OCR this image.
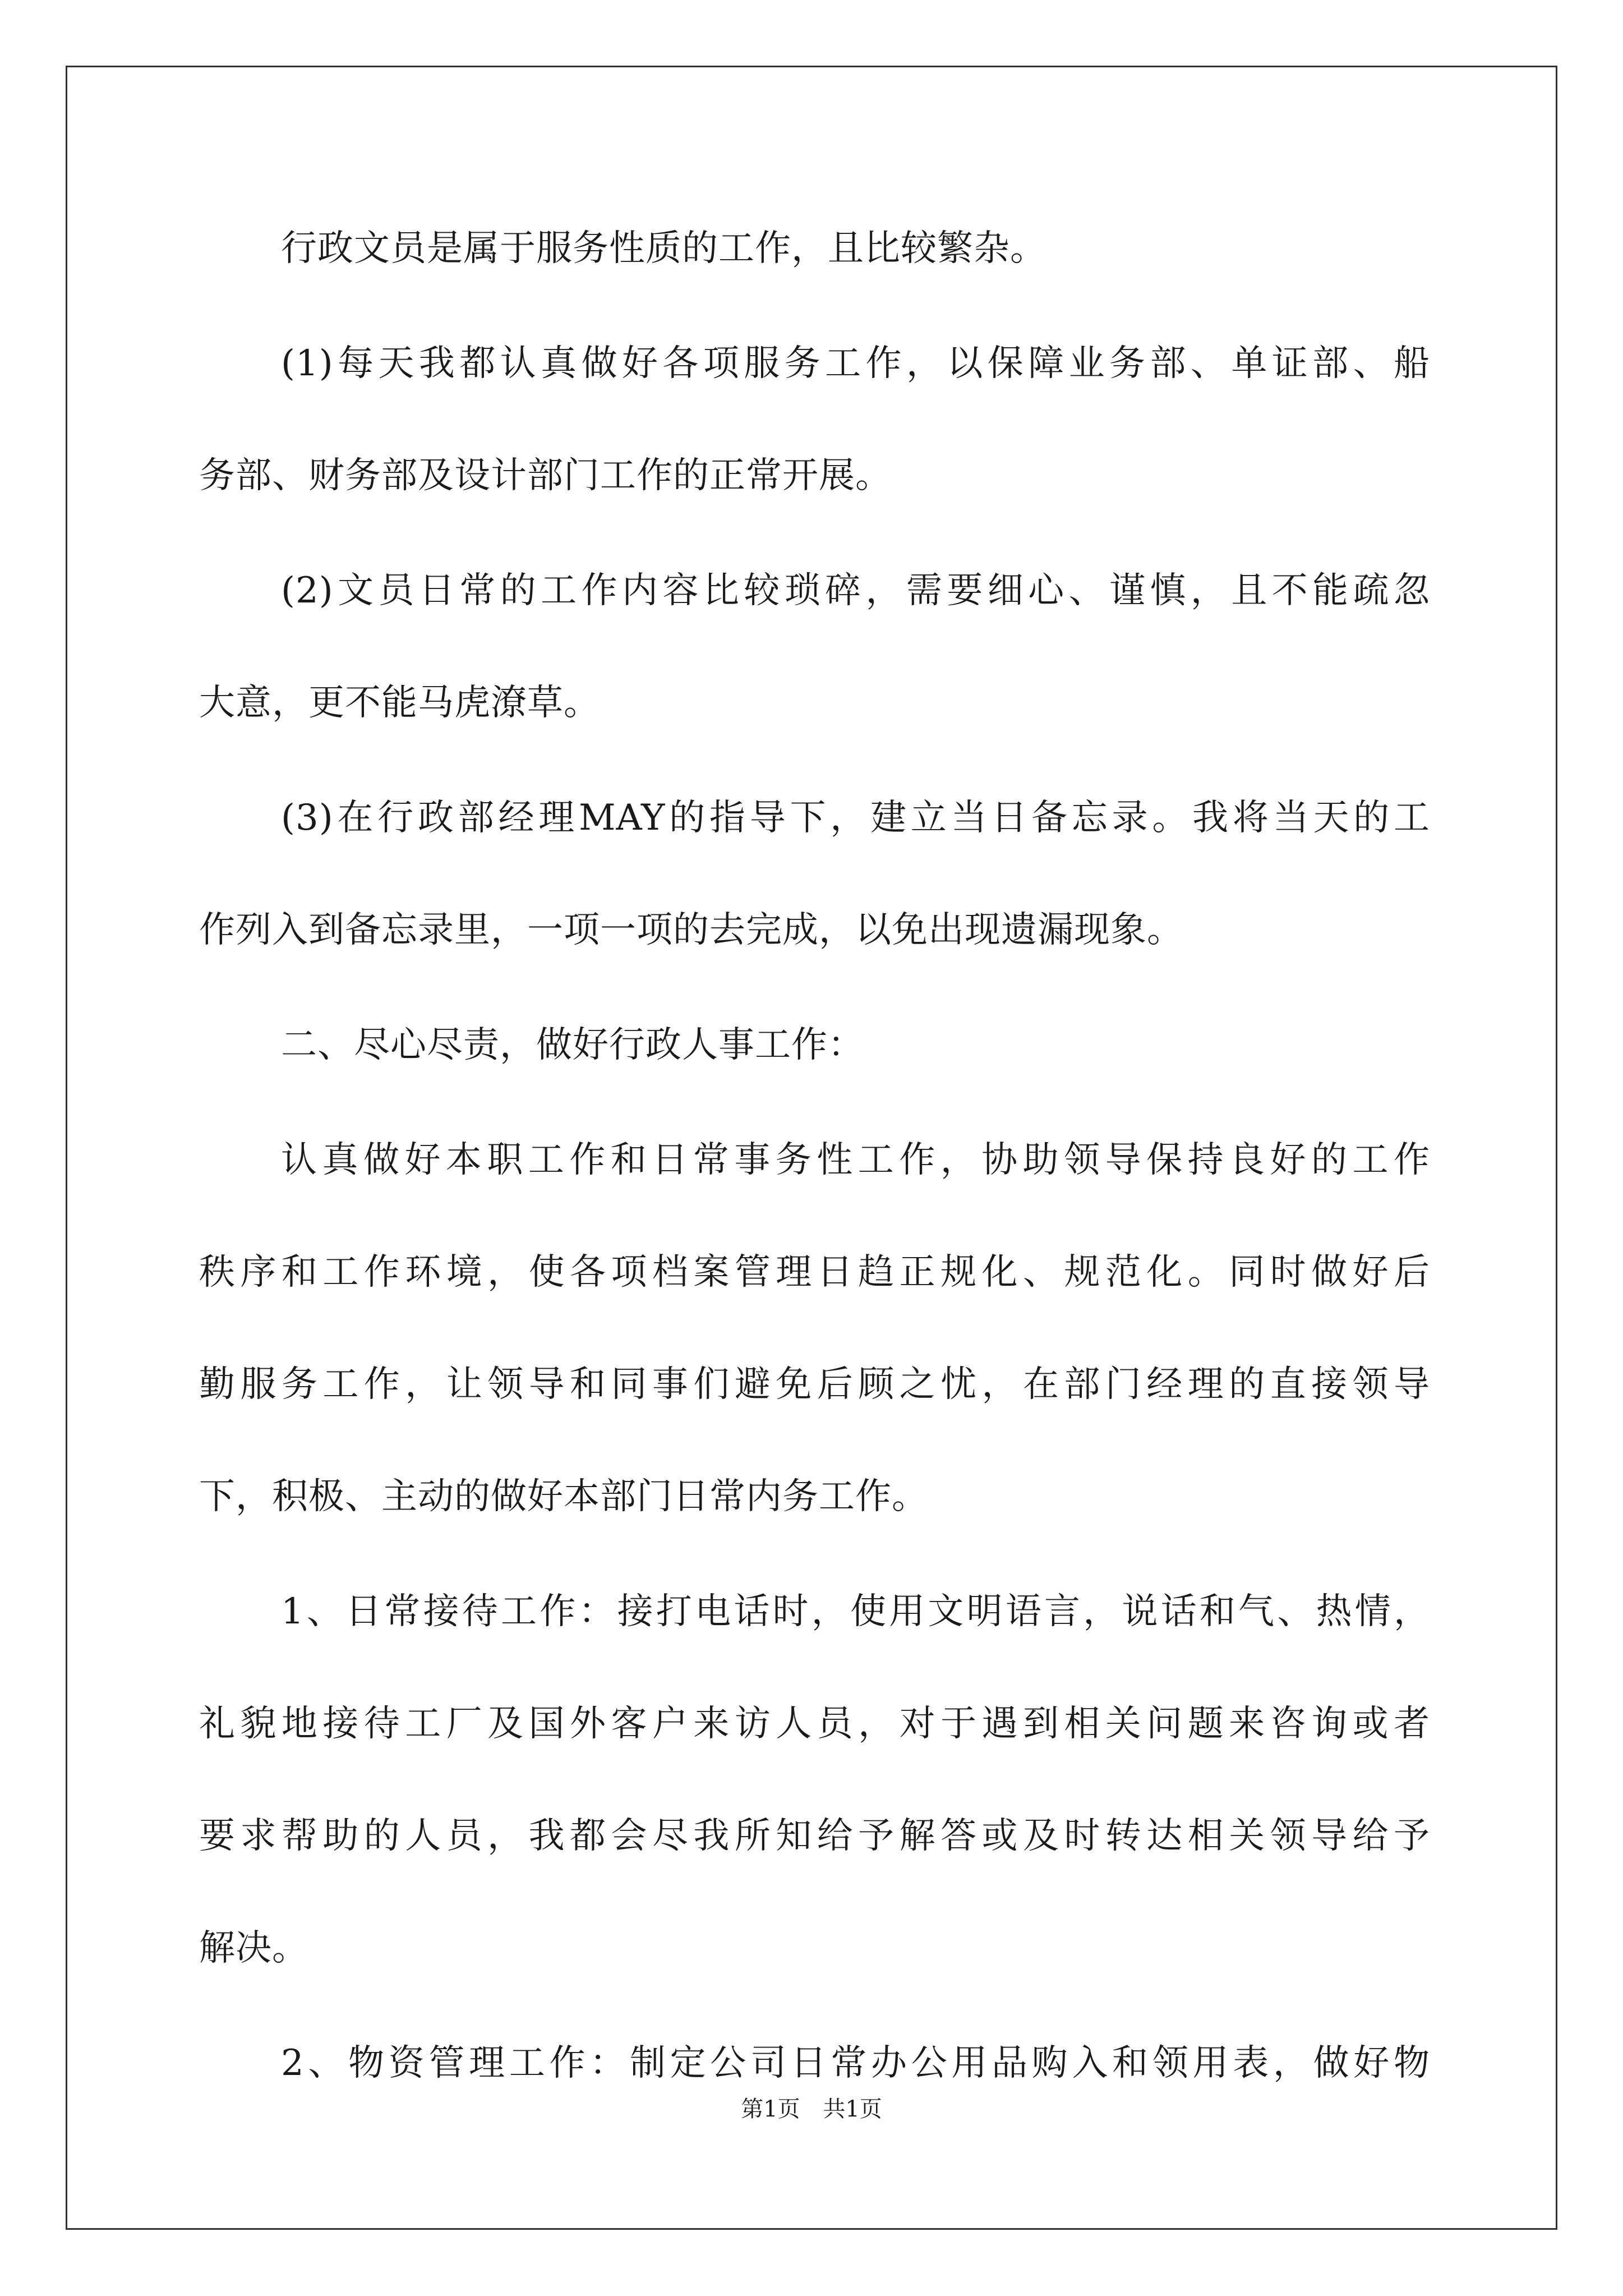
行政文员是属于服务性质的工作，且比较繁杂。
(1)每天我都认真做好各项服务工作，以保障业务部、单证部、船
务部、财务部及设计部门工作的正常开展。
(2)文员日常的工作内容比较琐碎，需要细心、谨慎，且不能疏忽
大意，更不能马虎潦草。
(3)在行政部经理MAY的指导下，建立当日备忘录。我将当天的工
作列入到备忘录里，一项一项的去完成，以免出现遗漏现象。
二、尽心尽责，做好行政人事工作：
认真做好本职工作和日常事务性工作，协助领导保持良好的工作
秩序和工作环境，使各项档案管理日趋正规化、规范化。同时做好后
勤服务工作，让领导和同事们避免后顾之忧，在部门经理的直接领导
下，积极、主动的做好本部门日常内务工作。
1、日常接待工作：接打电话时，使用文明语言，说话和气、热情，
礼貌地接待工厂及国外客户来访人员，对于遇到相关问题来咨询或者
要求帮助的人员，我都会尽我所知给予解答或及时转达相关领导给予
解决。
2、物资管理工作：制定公司日常办公用品购入和领用表，做好物
第1页 共1页
